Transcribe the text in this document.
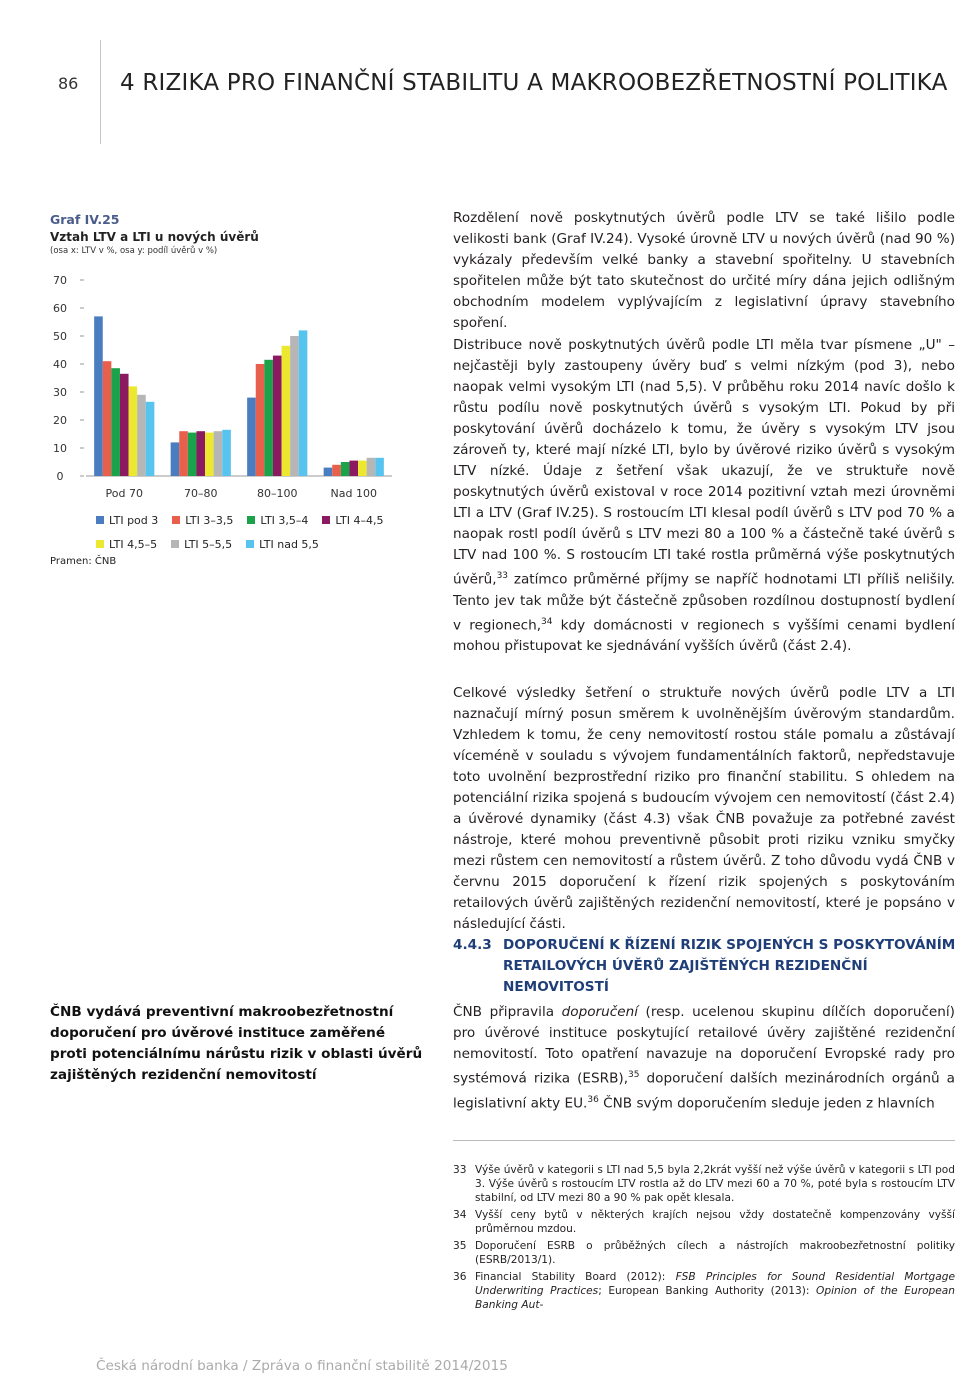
86 4 RIZIKA PRO FINANČNÍ STABILITU A MAKROOBEZŘETNOSTNÍ POLITIKA
Graf IV.25
Vztah LTV a LTI u nových úvěrů
(osa x: LTV v %, osa y: podíl úvěrů v %)
0
10
20
30
40
50
60
70
Pod 70	70–80	80–100	Nad 100
LTI pod 3 LTI 3–3,5 LTI 3,5–4 LTI 4–4,5
LTI 4,5–5 LTI 5–5,5 LTI nad 5,5
Pramen: ČNB

Rozdělení nově poskytnutých úvěrů podle LTV se také lišilo podle velikosti bank (Graf IV.24). Vysoké úrovně LTV u nových úvěrů (nad 90 %) vykázaly především velké banky a stavební spořitelny. U stavebních spořitelen může být tato skutečnost do určité míry dána jejich odlišným obchodním modelem vyplývajícím z legislativní úpravy stavebního spoření.

Distribuce nově poskytnutých úvěrů podle LTI měla tvar písmene „U" – nejčastěji byly zastoupeny úvěry buď s velmi nízkým (pod 3), nebo naopak velmi vysokým LTI (nad 5,5). V průběhu roku 2014 navíc došlo k růstu podílu nově poskytnutých úvěrů s vysokým LTI. Pokud by při poskytování úvěrů docházelo k tomu, že úvěry s vysokým LTV jsou zároveň ty, které mají nízké LTI, bylo by úvěrové riziko úvěrů s vysokým LTV nízké. Údaje z šetření však ukazují, že ve struktuře nově poskytnutých úvěrů existoval v roce 2014 pozitivní vztah mezi úrovněmi LTI a LTV (Graf IV.25). S rostoucím LTI klesal podíl úvěrů s LTV pod 70 % a naopak rostl podíl úvěrů s LTV mezi 80 a 100 % a částečně také úvěrů s LTV nad 100 %. S rostoucím LTI také rostla průměrná výše poskytnutých úvěrů,$^{33}$ zatímco průměrné příjmy se napříč hodnotami LTI příliš nelišily. Tento jev tak může být částečně způsoben rozdílnou dostupností bydlení v regionech,$^{34}$ kdy domácnosti v regionech s vyššími cenami bydlení mohou přistupovat ke sjednávání vyšších úvěrů (část 2.4).

Celkové výsledky šetření o struktuře nových úvěrů podle LTV a LTI naznačují mírný posun směrem k uvolněnějším úvěrovým standardům. Vzhledem k tomu, že ceny nemovitostí rostou stále pomalu a zůstávají víceméně v souladu s vývojem fundamentálních faktorů, nepředstavuje toto uvolnění bezprostřední riziko pro finanční stabilitu. S ohledem na potenciální rizika spojená s budoucím vývojem cen nemovitostí (část 2.4) a úvěrové dynamiky (část 4.3) však ČNB považuje za potřebné zavést nástroje, které mohou preventivně působit proti riziku vzniku smyčky mezi růstem cen nemovitostí a růstem úvěrů. Z toho důvodu vydá ČNB v červnu 2015 doporučení k řízení rizik spojených s poskytováním retailových úvěrů zajištěných rezidenční nemovitostí, které je popsáno v následující části.

4.4.3 DOPORUČENÍ K ŘÍZENÍ RIZIK SPOJENÝCH S POSKYTOVÁNÍM RETAILOVÝCH ÚVĚRŮ ZAJIŠTĚNÝCH REZIDENČNÍ NEMOVITOSTÍ
ČNB vydává preventivní makroobezřetnostní doporučení pro úvěrové instituce zaměřené proti potenciálnímu nárůstu rizik v oblasti úvěrů zajištěných rezidenční nemovitostí

ČNB připravila doporučení (resp. ucelenou skupinu dílčích doporučení) pro úvěrové instituce poskytující retailové úvěry zajištěné rezidenční nemovitostí. Toto opatření navazuje na doporučení Evropské rady pro systémová rizika (ESRB),$^{35}$ doporučení dalších mezinárodních orgánů a legislativní akty EU.$^{36}$ ČNB svým doporučením sleduje jeden z hlavních

33 Výše úvěrů v kategorii s LTI nad 5,5 byla 2,2krát vyšší než výše úvěrů v kategorii s LTI pod 3. Výše úvěrů s rostoucím LTV rostla až do LTV mezi 60 a 70 %, poté byla s rostoucím LTV stabilní, od LTV mezi 80 a 90 % pak opět klesala.
34 Vyšší ceny bytů v některých krajích nejsou vždy dostatečně kompenzovány vyšší průměrnou mzdou.
35 Doporučení ESRB o průběžných cílech a nástrojích makroobezřetnostní politiky (ESRB/2013/1).
36 Financial Stability Board (2012): FSB Principles for Sound Residential Mortgage Underwriting Practices; European Banking Authority (2013): Opinion of the European Banking Aut-
Česká národní banka / Zpráva o finanční stabilitě 2014/2015
